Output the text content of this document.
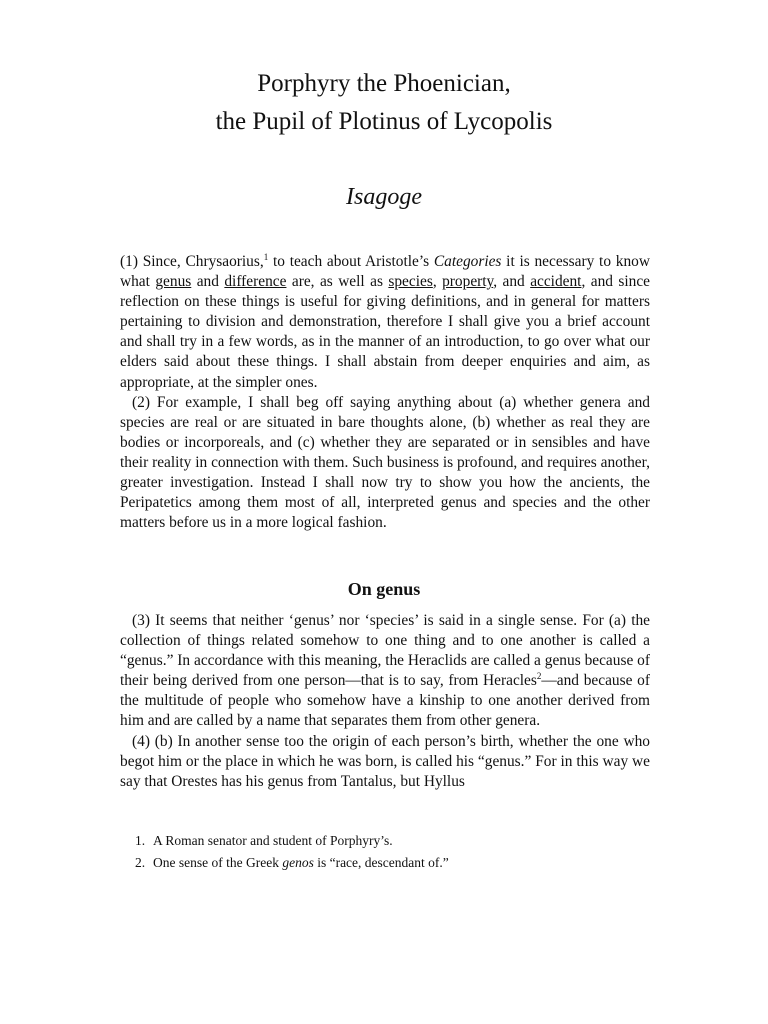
Porphyry the Phoenician,
the Pupil of Plotinus of Lycopolis
Isagoge

(1) Since, Chrysaorius,$^1$ to teach about Aristotle’s Categories it is necessary to know what genus and difference are, as well as species, property, and accident, and since reflection on these things is useful for giving definitions, and in general for matters pertaining to division and demonstration, therefore I shall give you a brief account and shall try in a few words, as in the manner of an introduction, to go over what our elders said about these things. I shall abstain from deeper enquiries and aim, as appropriate, at the simpler ones.

(2) For example, I shall beg off saying anything about (a) whether genera and species are real or are situated in bare thoughts alone, (b) whether as real they are bodies or incorporeals, and (c) whether they are separated or in sensibles and have their reality in connection with them. Such business is profound, and requires another, greater investigation. Instead I shall now try to show you how the ancients, the Peripatetics among them most of all, interpreted genus and species and the other matters before us in a more logical fashion.

On genus

(3) It seems that neither ‘genus’ nor ‘species’ is said in a single sense. For (a) the collection of things related somehow to one thing and to one another is called a “genus.” In accordance with this meaning, the Heraclids are called a genus because of their being derived from one person—that is to say, from Heracles$^2$—and because of the multitude of people who somehow have a kinship to one another derived from him and are called by a name that separates them from other genera.

(4) (b) In another sense too the origin of each person’s birth, whether the one who begot him or the place in which he was born, is called his “genus.” For in this way we say that Orestes has his genus from Tantalus, but Hyllus

1. A Roman senator and student of Porphyry’s.
2. One sense of the Greek genos is “race, descendant of.”
